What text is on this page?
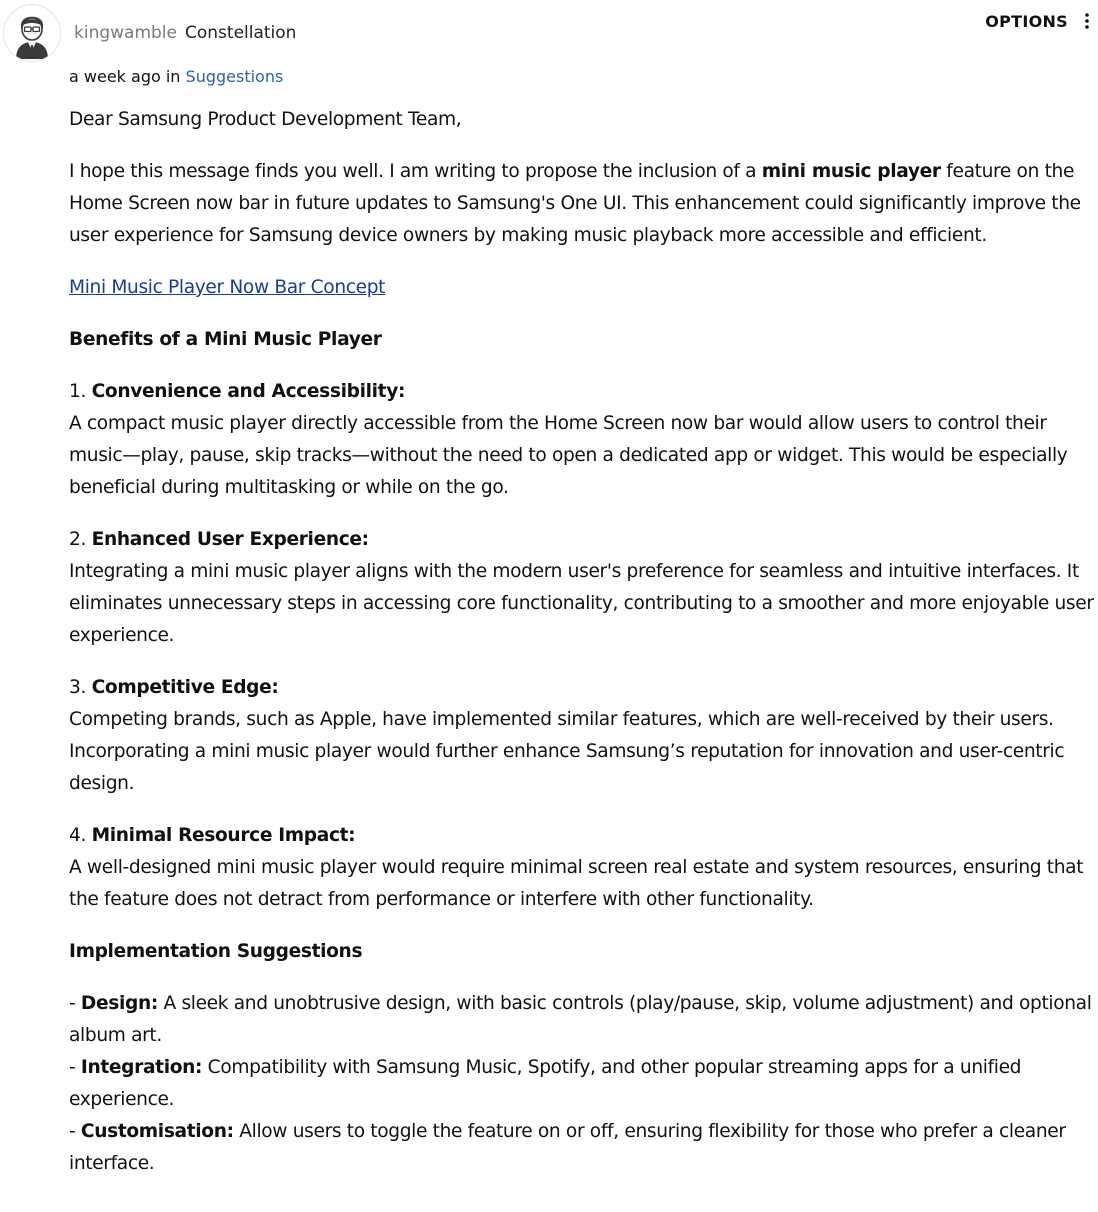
kingwamble Constellation
OPTIONS
a week ago in Suggestions

Dear Samsung Product Development Team,

I hope this message finds you well. I am writing to propose the inclusion of a mini music player feature on the Home Screen now bar in future updates to Samsung's One UI. This enhancement could significantly improve the user experience for Samsung device owners by making music playback more accessible and efficient.

Mini Music Player Now Bar Concept

Benefits of a Mini Music Player

1. Convenience and Accessibility:
A compact music player directly accessible from the Home Screen now bar would allow users to control their music—play, pause, skip tracks—without the need to open a dedicated app or widget. This would be especially beneficial during multitasking or while on the go.

2. Enhanced User Experience:
Integrating a mini music player aligns with the modern user's preference for seamless and intuitive interfaces. It eliminates unnecessary steps in accessing core functionality, contributing to a smoother and more enjoyable user experience.

3. Competitive Edge:
Competing brands, such as Apple, have implemented similar features, which are well-received by their users. Incorporating a mini music player would further enhance Samsung’s reputation for innovation and user-centric design.

4. Minimal Resource Impact:
A well-designed mini music player would require minimal screen real estate and system resources, ensuring that the feature does not detract from performance or interfere with other functionality.

Implementation Suggestions

- Design: A sleek and unobtrusive design, with basic controls (play/pause, skip, volume adjustment) and optional album art.
- Integration: Compatibility with Samsung Music, Spotify, and other popular streaming apps for a unified experience.
- Customisation: Allow users to toggle the feature on or off, ensuring flexibility for those who prefer a cleaner interface.
